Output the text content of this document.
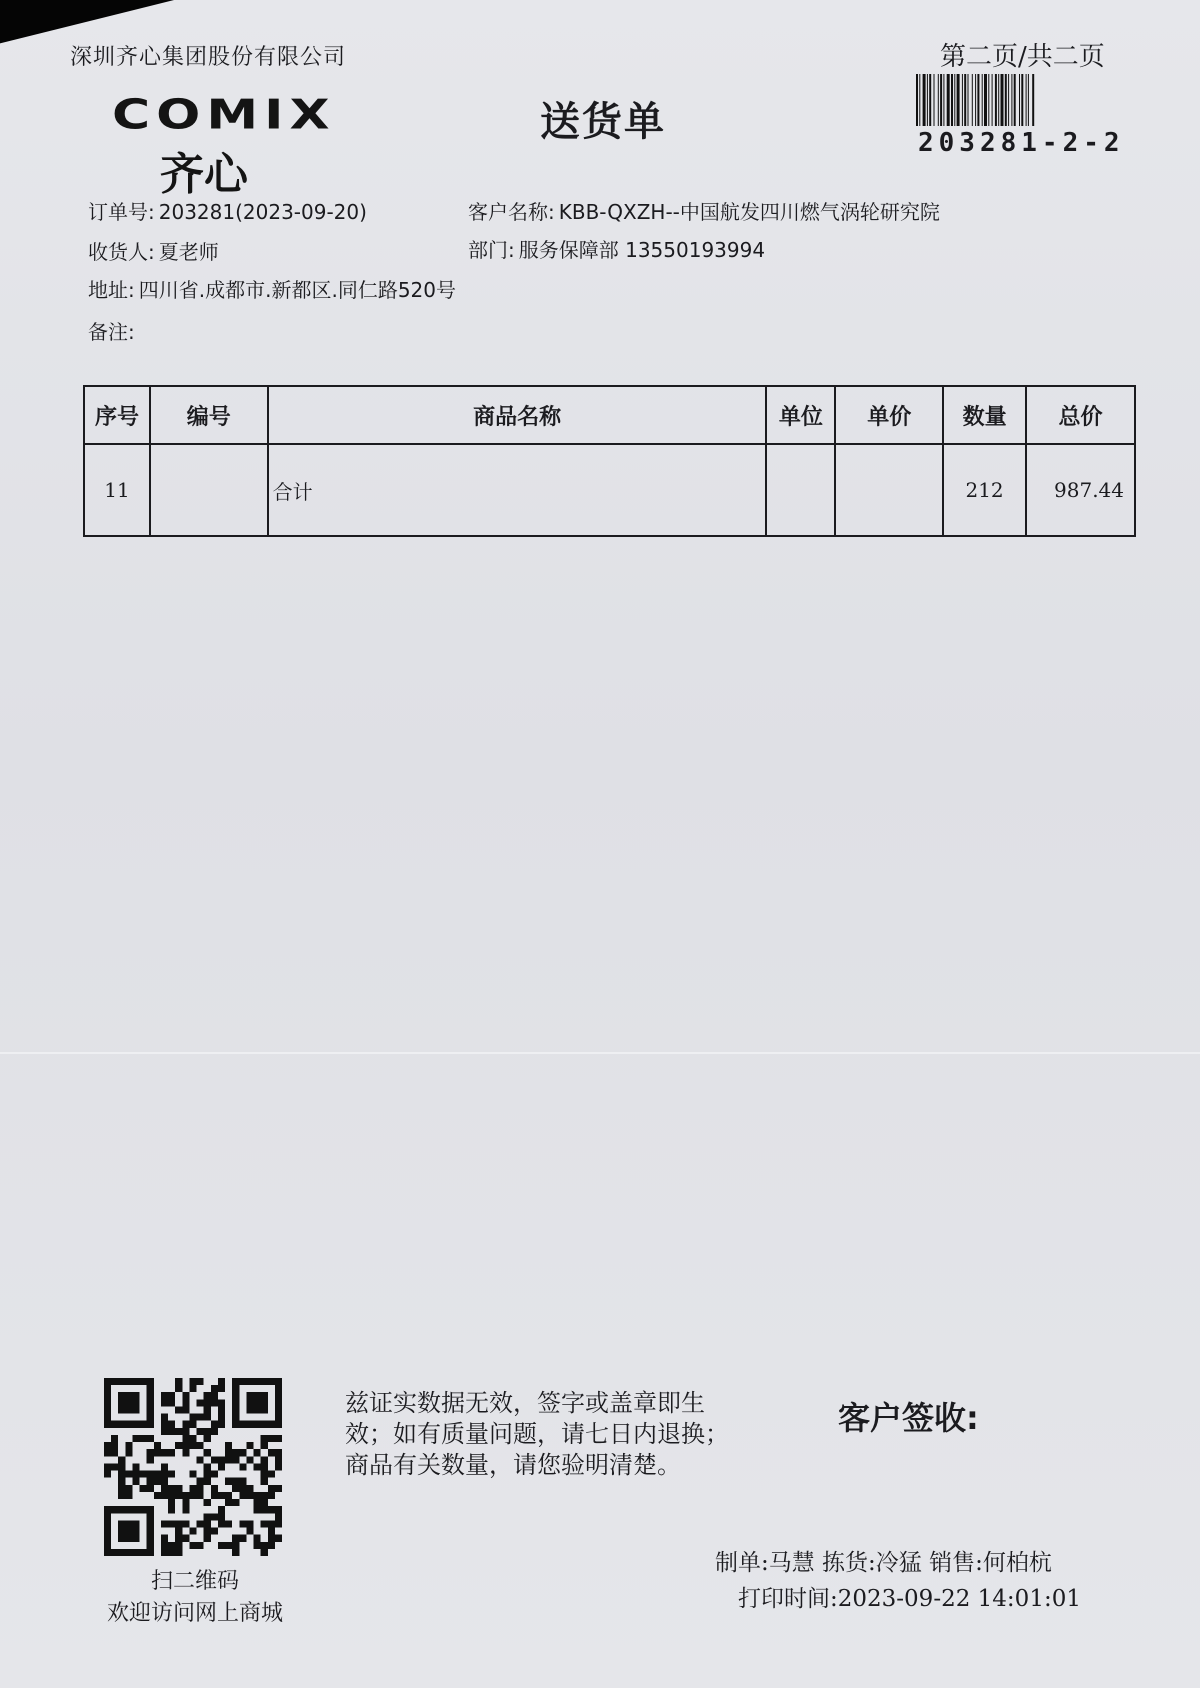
深圳齐心集团股份有限公司
COMIX
齐心
送货单
第二页/共二页
203281-2-2
订单号: 203281(2023-09-20)	客户名称: KBB-QXZH--中国航发四川燃气涡轮研究院
收货人: 夏老师	部门: 服务保障部 13550193994
地址: 四川省.成都市.新都区.同仁路520号
备注:
序号	编号	商品名称	单位	单价	数量	总价
11		合计			212	987.44
扫二维码
欢迎访问网上商城
兹证实数据无效，签字或盖章即生
效；如有质量问题，请七日内退换；
商品有关数量，请您验明清楚。
客户签收:
制单:马慧 拣货:冷猛 销售:何柏杭
打印时间:2023-09-22 14:01:01
